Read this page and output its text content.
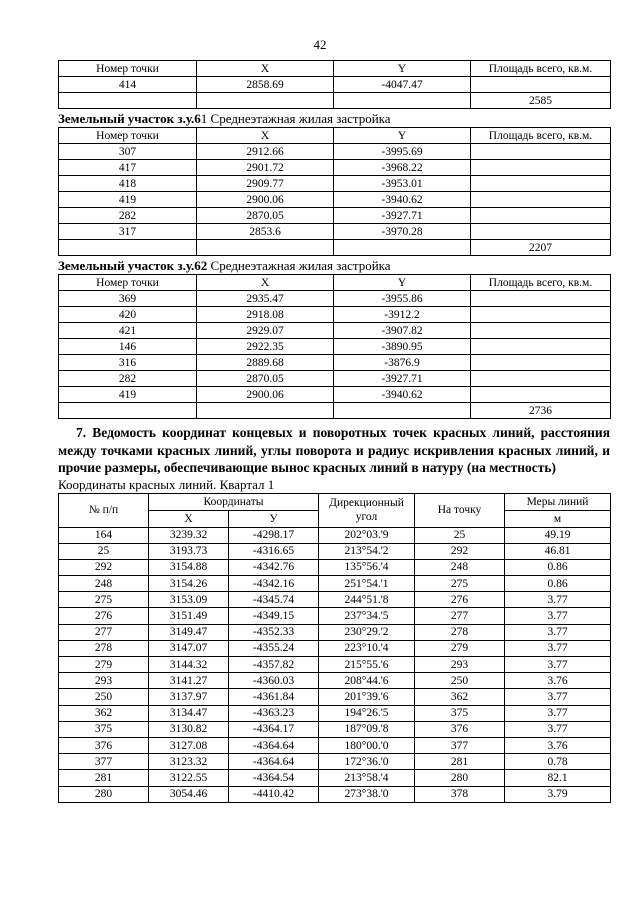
42
Номер точки	X	Y	Площадь всего, кв.м.
414	2858.69	-4047.47	
			2585
Земельный участок з.у.61 Среднеэтажная жилая застройка
Номер точки	X	Y	Площадь всего, кв.м.
307	2912.66	-3995.69	
417	2901.72	-3968.22	
418	2909.77	-3953.01	
419	2900.06	-3940.62	
282	2870.05	-3927.71	
317	2853.6	-3970.28	
			2207
Земельный участок з.у.62 Среднеэтажная жилая застройка
Номер точки	X	Y	Площадь всего, кв.м.
369	2935.47	-3955.86	
420	2918.08	-3912.2	
421	2929.07	-3907.82	
146	2922.35	-3890.95	
316	2889.68	-3876.9	
282	2870.05	-3927.71	
419	2900.06	-3940.62	
			2736
7. Ведомость координат концевых и поворотных точек красных линий, расстояния между точками красных линий, углы поворота и радиус искривления красных линий, и прочие размеры, обеспечивающие вынос красных линий в натуру (на местность)
Координаты красных линий. Квартал 1
№ п/п	Координаты		Дирекционный угол	На точку	Меры линий
	X	У			м
164	3239.32	-4298.17	202°03.'9	25	49.19
25	3193.73	-4316.65	213°54.'2	292	46.81
292	3154.88	-4342.76	135°56.'4	248	0.86
248	3154.26	-4342.16	251°54.'1	275	0.86
275	3153.09	-4345.74	244°51.'8	276	3.77
276	3151.49	-4349.15	237°34.'5	277	3.77
277	3149.47	-4352.33	230°29.'2	278	3.77
278	3147.07	-4355.24	223°10.'4	279	3.77
279	3144.32	-4357.82	215°55.'6	293	3.77
293	3141.27	-4360.03	208°44.'6	250	3.76
250	3137.97	-4361.84	201°39.'6	362	3.77
362	3134.47	-4363.23	194°26.'5	375	3.77
375	3130.82	-4364.17	187°09.'8	376	3.77
376	3127.08	-4364.64	180°00.'0	377	3.76
377	3123.32	-4364.64	172°36.'0	281	0.78
281	3122.55	-4364.54	213°58.'4	280	82.1
280	3054.46	-4410.42	273°38.'0	378	3.79
